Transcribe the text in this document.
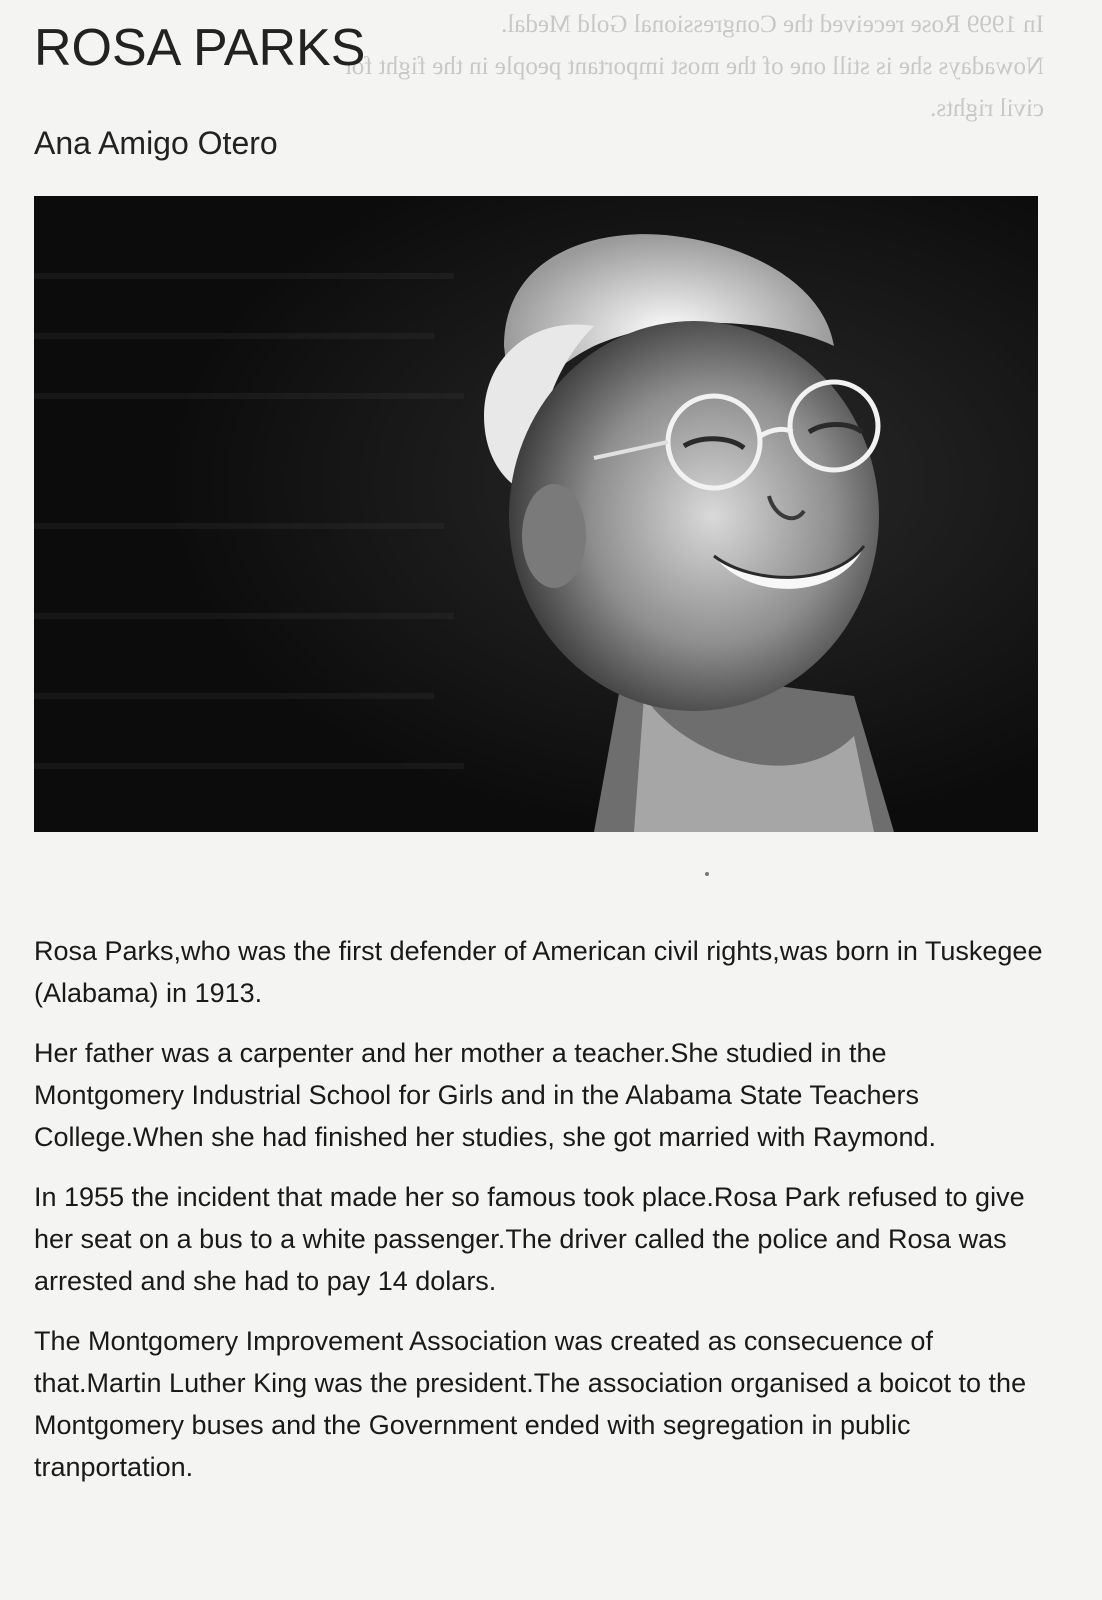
In 1999 Rose received the Congressional Gold Medal.

Nowadays she is still one of the most important people in the fight for

civil rights.

ROSA PARKS
Ana Amigo Otero

Rosa Parks,who was the first defender of American civil rights,was born in Tuskegee (Alabama) in 1913.

Her father was a carpenter and her mother a teacher.She studied in the Montgomery Industrial School for Girls and in the Alabama State Teachers College.When she had finished her studies, she got married with Raymond.

In 1955 the incident that made her so famous took place.Rosa Park refused to give her seat on a bus to a white passenger.The driver called the police and Rosa was arrested and she had to pay 14 dolars.

The Montgomery Improvement Association was created as consecuence of that.Martin Luther King was the president.The association organised a boicot to the Montgomery buses and the Government ended with segregation in public tranportation.
